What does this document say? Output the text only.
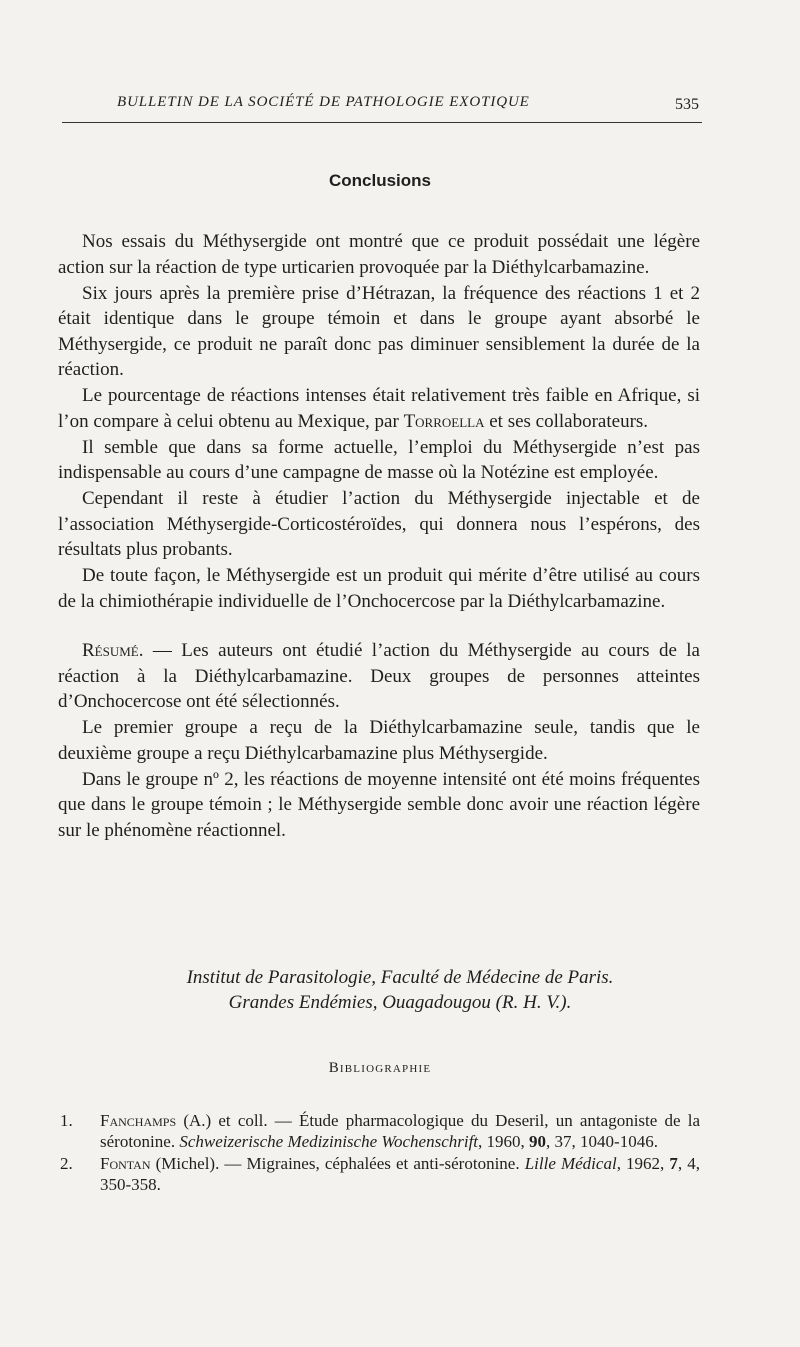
BULLETIN DE LA SOCIÉTÉ DE PATHOLOGIE EXOTIQUE	535
Conclusions

Nos essais du Méthysergide ont montré que ce produit possédait une légère action sur la réaction de type urticarien provoquée par la Diéthylcarbamazine.

Six jours après la première prise d’Hétrazan, la fréquence des réactions 1 et 2 était identique dans le groupe témoin et dans le groupe ayant absorbé le Méthysergide, ce produit ne paraît donc pas diminuer sensiblement la durée de la réaction.

Le pourcentage de réactions intenses était relativement très faible en Afrique, si l’on compare à celui obtenu au Mexique, par Torroella et ses collaborateurs.

Il semble que dans sa forme actuelle, l’emploi du Méthysergide n’est pas indispensable au cours d’une campagne de masse où la Notézine est employée.

Cependant il reste à étudier l’action du Méthysergide injectable et de l’association Méthysergide-Corticostéroïdes, qui donnera nous l’espérons, des résultats plus probants.

De toute façon, le Méthysergide est un produit qui mérite d’être utilisé au cours de la chimiothérapie individuelle de l’Onchocercose par la Diéthylcarbamazine.

Résumé. — Les auteurs ont étudié l’action du Méthysergide au cours de la réaction à la Diéthylcarbamazine. Deux groupes de personnes atteintes d’Onchocercose ont été sélectionnés.

Le premier groupe a reçu de la Diéthylcarbamazine seule, tandis que le deuxième groupe a reçu Diéthylcarbamazine plus Méthysergide.

Dans le groupe nº 2, les réactions de moyenne intensité ont été moins fréquentes que dans le groupe témoin ; le Méthysergide semble donc avoir une réaction légère sur le phénomène réactionnel.

Institut de Parasitologie, Faculté de Médecine de Paris.
Grandes Endémies, Ouagadougou (R. H. V.).
Bibliographie
1. Fanchamps (A.) et coll. — Étude pharmacologique du Deseril, un antagoniste de la sérotonine. Schweizerische Medizinische Wochenschrift, 1960, 90, 37, 1040-1046.
2. Fontan (Michel). — Migraines, céphalées et anti-sérotonine. Lille Médical, 1962, 7, 4, 350-358.
